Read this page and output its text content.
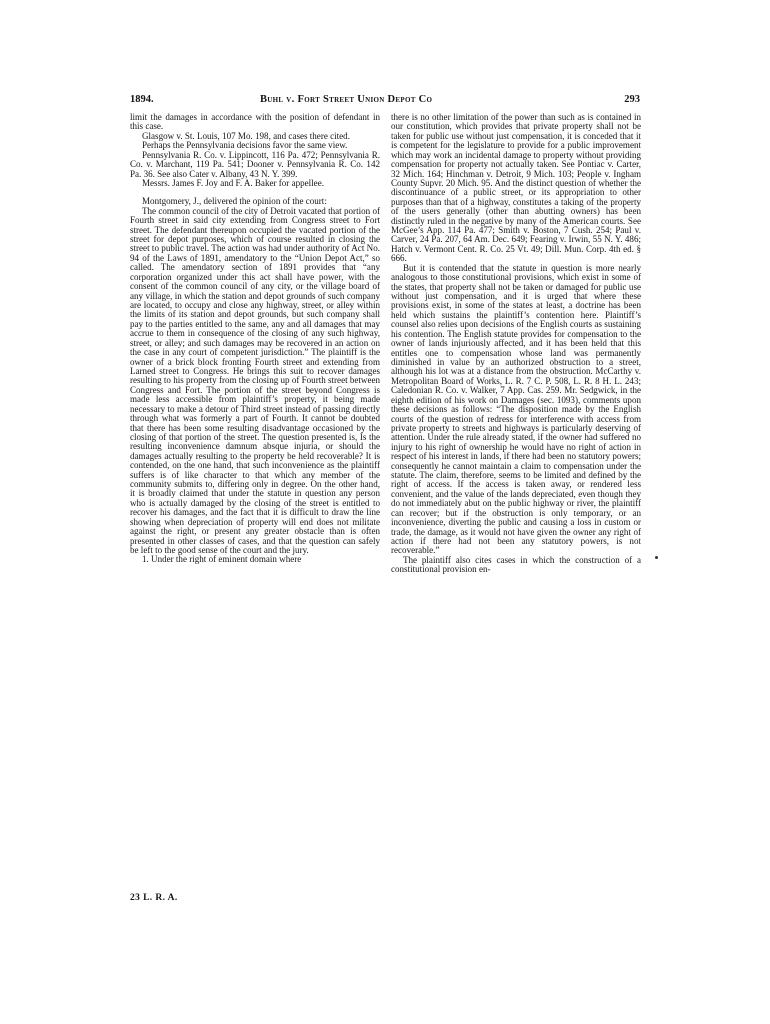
1894.	Buhl v. Fort Street Union Depot Co	293

limit the damages in accordance with the position of defendant in this case.

Glasgow v. St. Louis, 107 Mo. 198, and cases there cited.

Perhaps the Pennsylvania decisions favor the same view.

Pennsylvania R. Co. v. Lippincott, 116 Pa. 472; Pennsylvania R. Co. v. Marchant, 119 Pa. 541; Dooner v. Pennsylvania R. Co. 142 Pa. 36. See also Cater v. Albany, 43 N. Y. 399.

Messrs. James F. Joy and F. A. Baker for appellee.

Montgomery, J., delivered the opinion of the court:

The common council of the city of Detroit vacated that portion of Fourth street in said city extending from Congress street to Fort street. The defendant thereupon occupied the vacated portion of the street for depot purposes, which of course resulted in closing the street to public travel. The action was had under authority of Act No. 94 of the Laws of 1891, amendatory to the “Union Depot Act,” so called. The amendatory section of 1891 provides that “any corporation organized under this act shall have power, with the consent of the common council of any city, or the village board of any village, in which the station and depot grounds of such company are located, to occupy and close any highway, street, or alley within the limits of its station and depot grounds, but such company shall pay to the parties entitled to the same, any and all damages that may accrue to them in consequence of the closing of any such highway, street, or alley; and such damages may be recovered in an action on the case in any court of competent jurisdiction.” The plaintiff is the owner of a brick block fronting Fourth street and extending from Larned street to Congress. He brings this suit to recover damages resulting to his property from the closing up of Fourth street between Congress and Fort. The portion of the street beyond Congress is made less accessible from plaintiff’s property, it being made necessary to make a detour of Third street instead of passing directly through what was formerly a part of Fourth. It cannot be doubted that there has been some resulting disadvantage occasioned by the closing of that portion of the street. The question presented is, Is the resulting inconvenience damnum absque injuria, or should the damages actually resulting to the property be held recoverable? It is contended, on the one hand, that such inconvenience as the plaintiff suffers is of like character to that which any member of the community submits to, differing only in degree. On the other hand, it is broadly claimed that under the statute in question any person who is actually damaged by the closing of the street is entitled to recover his damages, and the fact that it is difficult to draw the line showing when depreciation of property will end does not militate against the right, or present any greater obstacle than is often presented in other classes of cases, and that the question can safely be left to the good sense of the court and the jury.

1. Under the right of eminent domain where

there is no other limitation of the power than such as is contained in our constitution, which provides that private property shall not be taken for public use without just compensation, it is conceded that it is competent for the legislature to provide for a public improvement which may work an incidental damage to property without providing compensation for property not actually taken. See Pontiac v. Carter, 32 Mich. 164; Hinchman v. Detroit, 9 Mich. 103; People v. Ingham County Supvr. 20 Mich. 95. And the distinct question of whether the discontinuance of a public street, or its appropriation to other purposes than that of a highway, constitutes a taking of the property of the users generally (other than abutting owners) has been distinctly ruled in the negative by many of the American courts. See McGee’s App. 114 Pa. 477; Smith v. Boston, 7 Cush. 254; Paul v. Carver, 24 Pa. 207, 64 Am. Dec. 649; Fearing v. Irwin, 55 N. Y. 486; Hatch v. Vermont Cent. R. Co. 25 Vt. 49; Dill. Mun. Corp. 4th ed. § 666.

But it is contended that the statute in question is more nearly analogous to those constitutional provisions, which exist in some of the states, that property shall not be taken or damaged for public use without just compensation, and it is urged that where these provisions exist, in some of the states at least, a doctrine has been held which sustains the plaintiff’s contention here. Plaintiff’s counsel also relies upon decisions of the English courts as sustaining his contention. The English statute provides for compensation to the owner of lands injuriously affected, and it has been held that this entitles one to compensation whose land was permanently diminished in value by an authorized obstruction to a street, although his lot was at a distance from the obstruction. McCarthy v. Metropolitan Board of Works, L. R. 7 C. P. 508, L. R. 8 H. L. 243; Caledonian R. Co. v. Walker, 7 App. Cas. 259. Mr. Sedgwick, in the eighth edition of his work on Damages (sec. 1093), comments upon these decisions as follows: “The disposition made by the English courts of the question of redress for interference with access from private property to streets and highways is particularly deserving of attention. Under the rule already stated, if the owner had suffered no injury to his right of ownership he would have no right of action in respect of his interest in lands, if there had been no statutory powers; consequently he cannot maintain a claim to compensation under the statute. The claim, therefore, seems to be limited and defined by the right of access. If the access is taken away, or rendered less convenient, and the value of the lands depreciated, even though they do not immediately abut on the public highway or river, the plaintiff can recover; but if the obstruction is only temporary, or an inconvenience, diverting the public and causing a loss in custom or trade, the damage, as it would not have given the owner any right of action if there had not been any statutory powers, is not recoverable.”

The plaintiff also cites cases in which the construction of a constitutional provision en-

23 L. R. A.
